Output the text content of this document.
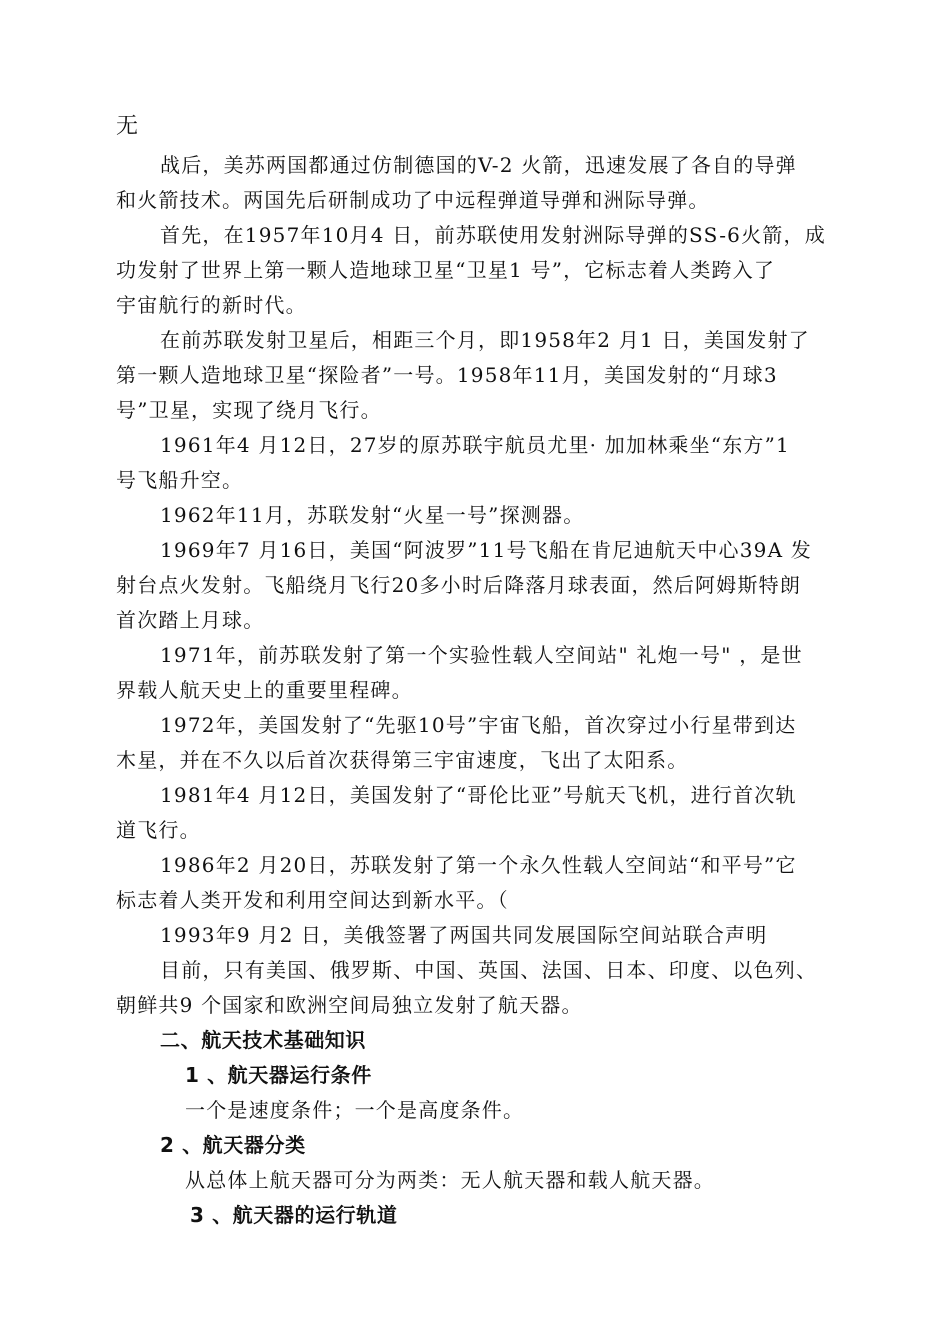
无
战后，美苏两国都通过仿制德国的V-2 火箭，迅速发展了各自的导弹
和火箭技术。两国先后研制成功了中远程弹道导弹和洲际导弹。
首先，在1957年10月4 日，前苏联使用发射洲际导弹的SS-6火箭，成
功发射了世界上第一颗人造地球卫星“卫星1 号”，它标志着人类跨入了
宇宙航行的新时代。
在前苏联发射卫星后，相距三个月，即1958年2 月1 日，美国发射了
第一颗人造地球卫星“探险者”一号。1958年11月，美国发射的“月球3
号”卫星，实现了绕月飞行。
1961年4 月12日，27岁的原苏联宇航员尤里· 加加林乘坐“东方”1
号飞船升空。
1962年11月，苏联发射“火星一号”探测器。
1969年7 月16日，美国“阿波罗”11号飞船在肯尼迪航天中心39A 发
射台点火发射。飞船绕月飞行20多小时后降落月球表面，然后阿姆斯特朗
首次踏上月球。
1971年，前苏联发射了第一个实验性载人空间站" 礼炮一号" ，是世
界载人航天史上的重要里程碑。
1972年，美国发射了“先驱10号”宇宙飞船，首次穿过小行星带到达
木星，并在不久以后首次获得第三宇宙速度，飞出了太阳系。
1981年4 月12日，美国发射了“哥伦比亚”号航天飞机，进行首次轨
道飞行。
1986年2 月20日，苏联发射了第一个永久性载人空间站“和平号”它
标志着人类开发和利用空间达到新水平。（
1993年9 月2 日，美俄签署了两国共同发展国际空间站联合声明
目前，只有美国、俄罗斯、中国、英国、法国、日本、印度、以色列、
朝鲜共9 个国家和欧洲空间局独立发射了航天器。
二、航天技术基础知识
1 、航天器运行条件
一个是速度条件；一个是高度条件。
2 、航天器分类
从总体上航天器可分为两类：无人航天器和载人航天器。
3 、航天器的运行轨道
